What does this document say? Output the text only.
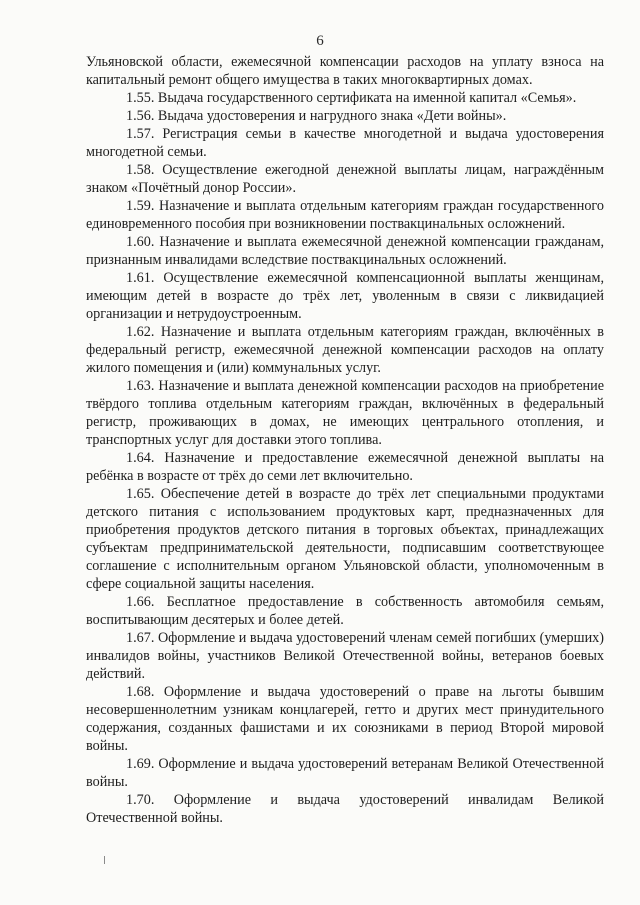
6

Ульяновской области, ежемесячной компенсации расходов на уплату взноса на капитальный ремонт общего имущества в таких многоквартирных домах.

1.55. Выдача государственного сертификата на именной капитал «Семья».

1.56. Выдача удостоверения и нагрудного знака «Дети войны».

1.57. Регистрация семьи в качестве многодетной и выдача удостоверения многодетной семьи.

1.58. Осуществление ежегодной денежной выплаты лицам, награждённым знаком «Почётный донор России».

1.59. Назначение и выплата отдельным категориям граждан государственного единовременного пособия при возникновении поствакцинальных осложнений.

1.60. Назначение и выплата ежемесячной денежной компенсации гражданам, признанным инвалидами вследствие поствакцинальных осложнений.

1.61. Осуществление ежемесячной компенсационной выплаты женщинам, имеющим детей в возрасте до трёх лет, уволенным в связи с ликвидацией организации и нетрудоустроенным.

1.62. Назначение и выплата отдельным категориям граждан, включённых в федеральный регистр, ежемесячной денежной компенсации расходов на оплату жилого помещения и (или) коммунальных услуг.

1.63. Назначение и выплата денежной компенсации расходов на приобретение твёрдого топлива отдельным категориям граждан, включённых в федеральный регистр, проживающих в домах, не имеющих центрального отопления, и транспортных услуг для доставки этого топлива.

1.64. Назначение и предоставление ежемесячной денежной выплаты на ребёнка в возрасте от трёх до семи лет включительно.

1.65. Обеспечение детей в возрасте до трёх лет специальными продуктами детского питания с использованием продуктовых карт, предназначенных для приобретения продуктов детского питания в торговых объектах, принадлежащих субъектам предпринимательской деятельности, подписавшим соответствующее соглашение с исполнительным органом Ульяновской области, уполномоченным в сфере социальной защиты населения.

1.66. Бесплатное предоставление в собственность автомобиля семьям, воспитывающим десятерых и более детей.

1.67. Оформление и выдача удостоверений членам семей погибших (умерших) инвалидов войны, участников Великой Отечественной войны, ветеранов боевых действий.

1.68. Оформление и выдача удостоверений о праве на льготы бывшим несовершеннолетним узникам концлагерей, гетто и других мест принудительного содержания, созданных фашистами и их союзниками в период Второй мировой войны.

1.69. Оформление и выдача удостоверений ветеранам Великой Отечественной войны.

1.70. Оформление и выдача удостоверений инвалидам Великой Отечественной войны.
